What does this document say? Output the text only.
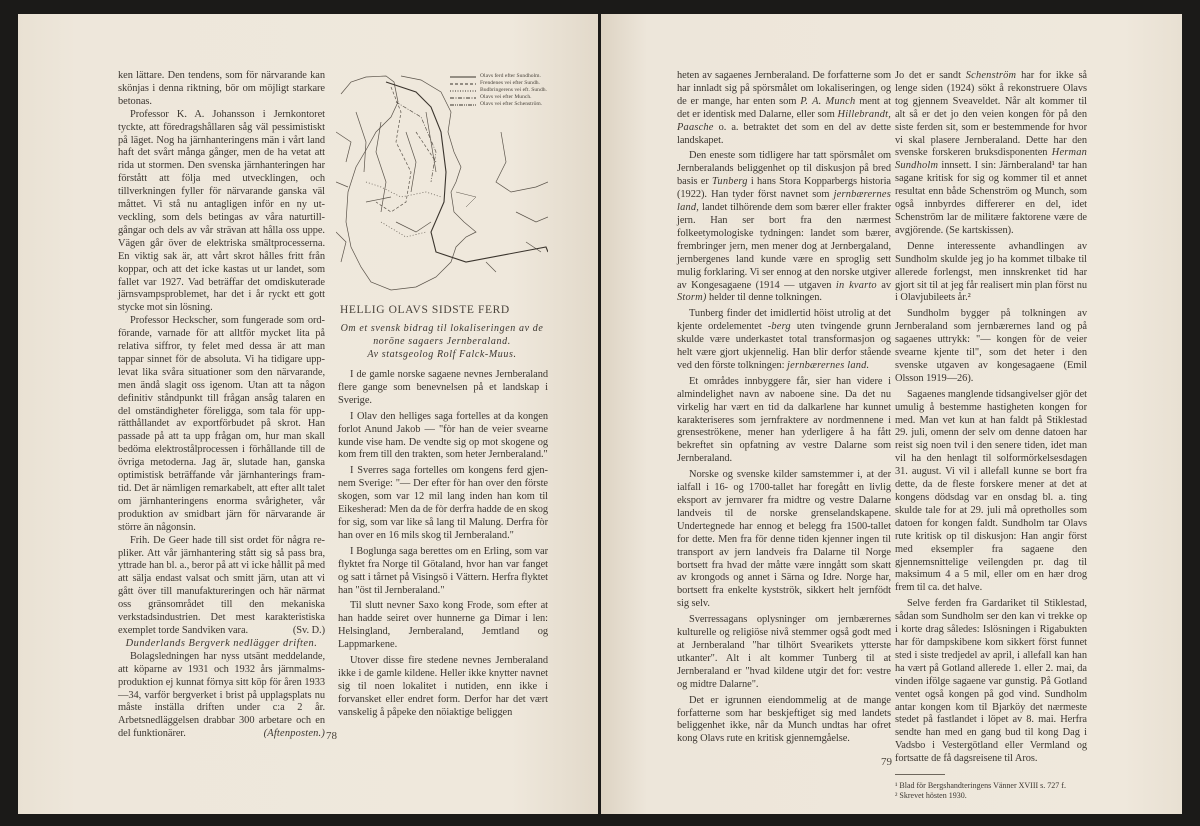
ken lättare. Den tendens, som för närvarande kan skönjas i denna riktning, bör om möjligt starkare betonas.

Professor K. A. Johansson i Jernkontoret tyckte, att föredragshållaren såg väl pessimistiskt på läget. Nog ha järnhanteringens män i vårt land haft det svårt många gånger, men de ha vetat att rida ut stormen. Den svenska järnhanteringen har förstått att följa med utvecklingen, och tillverkningen fyller för närvarande ganska väl måttet. Vi stå nu antagligen inför en ny utveckling, som dels betingas av våra naturtillgångar och dels av vår strävan att hålla oss uppe. Vägen går över de elektriska smältprocesserna. En viktig sak är, att vårt skrot hålles fritt från koppar, och att det icke kastas ut ur landet, som fallet var 1927. Vad beträffar det omdiskuterade järnsvampsproblemet, har det i år ryckt ett gott stycke mot sin lösning.

Professor Heckscher, som fungerade som ordförande, varnade för att alltför mycket lita på relativa siffror, ty felet med dessa är att man tappar sinnet för de absoluta. Vi ha tidigare upplevat lika svåra situationer som den närvarande, men ändå slagit oss igenom. Utan att ta någon definitiv ståndpunkt till frågan ansåg talaren en del omständigheter föreligga, som tala för upprätthållandet av exportförbudet på skrot. Han passade på att ta upp frågan om, hur man skall bedöma elektrostålprocessen i förhållande till de övriga metoderna. Jag är, slutade han, ganska optimistisk beträffande vår järnhanterings framtid. Det är nämligen remarkabelt, att efter allt talet om järnhanteringens enorma svårigheter, vår produktion av smidbart järn för närvarande är större än någonsin.

Frih. De Geer hade till sist ordet för några repliker. Att vår järnhantering stått sig så pass bra, yttrade han bl. a., beror på att vi icke hållit på med att sälja endast valsat och smitt järn, utan att vi gått över till manufaktureringen och här närmat oss gränsområdet till den mekaniska verkstadsindustrien. Det mest karakteristiska exemplet torde Sandviken vara.	(Sv. D.)

Dunderlands Bergverk nedlägger driften.

Bolagsledningen har nyss utsänt meddelande, att köparne av 1931 och 1932 års järnmalmsproduktion ej kunnat förnya sitt köp för åren 1933—34, varför bergverket i brist på upplagsplats nu måste inställa driften under c:a 2 år. Arbetsnedläggelsen drabbar 300 arbetare och en del funktionärer.	(Aftenposten.)

Olavs ferd efter Sundholm.
Frendenes vei efter Sundh.
Budbringerens vei eft. Sundh.
Olavs vei efter Munch.
Olavs vei efter Schenström.
HELLIG OLAVS SIDSTE FERD
Om et svensk bidrag til lokaliseringen av de noröne sagaers Jernberaland.
Av statsgeolog Rolf Falck-Muus.

I de gamle norske sagaene nevnes Jernberaland flere gange som benevnelsen på et landskap i Sverige.

I Olav den helliges saga fortelles at da kongen forlot Anund Jakob — "fòr han de veier svearne kunde vise ham. De vendte sig op mot skogene og kom frem till den trakten, som heter Jernberaland."

I Sverres saga fortelles om kongens ferd gjennem Sverige: "— Der efter fòr han over den förste skogen, som var 12 mil lang inden han kom til Eikesherad: Men da de fòr derfra hadde de en skog for sig, som var like så lang til Malung. Derfra fòr han over en 16 mils skog til Jernberaland."

I Boglunga saga berettes om en Erling, som var flyktet fra Norge til Götaland, hvor han var fanget og satt i tårnet på Visingsö i Vättern. Herfra flyktet han "öst til Jernberaland."

Til slutt nevner Saxo kong Frode, som efter at han hadde seiret over hunnerne ga Dimar i len: Helsingland, Jernberaland, Jemtland og Lappmarkene.

Utover disse fire stedene nevnes Jernberaland ikke i de gamle kildene. Heller ikke knytter navnet sig til noen lokalitet i nutiden, enn ikke i forvansket eller endret form. Derfor har det vært vanskelig å påpeke den nöiaktige beliggen

78

heten av sagaenes Jernberaland. De forfatterne som har innladt sig på spörsmålet om lokaliseringen, og de er mange, har enten som P. A. Munch ment at det er identisk med Dalarne, eller som Hillebrandt, Paasche o. a. betraktet det som en del av dette landskapet.

Den eneste som tidligere har tatt spörsmålet om Jernberalands beliggenhet op til diskusjon på bred basis er Tunberg i hans Stora Kopparbergs historia (1922). Han tyder först navnet som jernbærernes land, landet tilhörende dem som bærer eller frakter jern. Han ser bort fra den nærmest folkeetymologiske tydningen: landet som bærer, frembringer jern, men mener dog at Jernbergaland, jernbergenes land kunde være en sproglig sett mulig forklaring. Vi ser ennog at den norske utgiver av Kongesagaene (1914 — utgaven in kvarto av Storm) helder til denne tolkningen.

Tunberg finder det imidlertid höist utrolig at det kjente ordelementet -berg uten tvingende grunn skulde være underkastet total transformasjon og helt være gjort ukjennelig. Han blir derfor stående ved den förste tolkningen: jernbærernes land.

Et områdes innbyggere får, sier han videre i almindelighet navn av naboene sine. Da det nu virkelig har vært en tid da dalkarlene har kunnet karakteriseres som jernfraktere av nordmennene i grenseströkene, mener han yderligere å ha fått bekreftet sin opfatning av vestre Dalarne som Jernberaland.

Norske og svenske kilder samstemmer i, at der ialfall i 16- og 1700-tallet har foregått en livlig eksport av jernvarer fra midtre og vestre Dalarne landveis til de norske grenselandskapene. Undertegnede har ennog et belegg fra 1500-tallet for dette. Men fra för denne tiden kjenner ingen til transport av jern landveis fra Dalarne til Norge bortsett fra hvad der måtte være inngått som skatt av krongods og annet i Särna og Idre. Norge har, bortsett fra enkelte kystströk, sikkert helt jernfödt sig selv.

Sverressagans oplysninger om jernbærernes kulturelle og religiöse nivå stemmer også godt med at Jernberaland "har tilhört Svearikets ytterste utkanter". Alt i alt kommer Tunberg til at Jernberaland er "hvad kildene utgir det for: vestre og midtre Dalarne".

Det er igrunnen eiendommelig at de mange forfatterne som har beskjeftiget sig med landets beliggenhet ikke, når da Munch undtas har ofret kong Olavs rute en kritisk gjennemgåelse.

79

Jo det er sandt Schenström har for ikke så lenge siden (1924) sökt å rekonstruere Olavs tog gjennem Sveaveldet. Når alt kommer til alt så er det jo den veien kongen fòr på den siste ferden sit, som er bestemmende for hvor vi skal plasere Jernberaland. Dette har den svenske forskeren bruksdisponenten Herman Sundholm innsett. I sin: Järnberaland¹ tar han sagane kritisk for sig og kommer til et annet resultat enn både Schenström og Munch, som også innbyrdes differerer en del, idet Schenström lar de militære faktorene være de avgjörende. (Se kartskissen).

Denne interessente avhandlingen av Sundholm skulde jeg jo ha kommet tilbake til allerede forlengst, men innskrenket tid har gjort sit til at jeg får realisert min plan först nu i Olavjubileets år.²

Sundholm bygger på tolkningen av Jernberaland som jernbærernes land og på sagaenes uttrykk: "— kongen fòr de veier svearne kjente til", som det heter i den svenske utgaven av kongesagaene (Emil Olsson 1919—26).

Sagaenes manglende tidsangivelser gjör det umulig å bestemme hastigheten kongen for med. Man vet kun at han faldt på Stiklestad 29. juli, omenn der selv om denne datoen har reist sig noen tvil i den senere tiden, idet man vil ha den henlagt til solformörkelsesdagen 31. august. Vi vil i allefall kunne se bort fra dette, da de fleste forskere mener at det at kongens dödsdag var en onsdag bl. a. ting skulde tale for at 29. juli må opretholles som datoen for kongen faldt. Sundholm tar Olavs rute kritisk op til diskusjon: Han angir först med eksempler fra sagaene den gjennemsnittelige veilengden pr. dag til maksimum 4 a 5 mil, eller om en hær drog frem til ca. det halve.

Selve ferden fra Gardariket til Stiklestad, sådan som Sundholm ser den kan vi trekke op i korte drag således: Islösningen i Rigabukten har för dampskibene kom sikkert först funnet sted i siste tredjedel av april, i allefall kan han ha vært på Gotland allerede 1. eller 2. mai, da vinden ifölge sagaene var gunstig. På Gotland ventet også kongen på god vind. Sundholm antar kongen kom til Bjarköy det nærmeste stedet på fastlandet i löpet av 8. mai. Herfra sendte han med en gang bud til kong Dag i Vadsbo i Vestergötland eller Vermland og fortsatte de få dagsreisene til Aros.

¹ Blad för Bergshandteringens Vänner XVIII s. 727 f.
² Skrevet hösten 1930.
